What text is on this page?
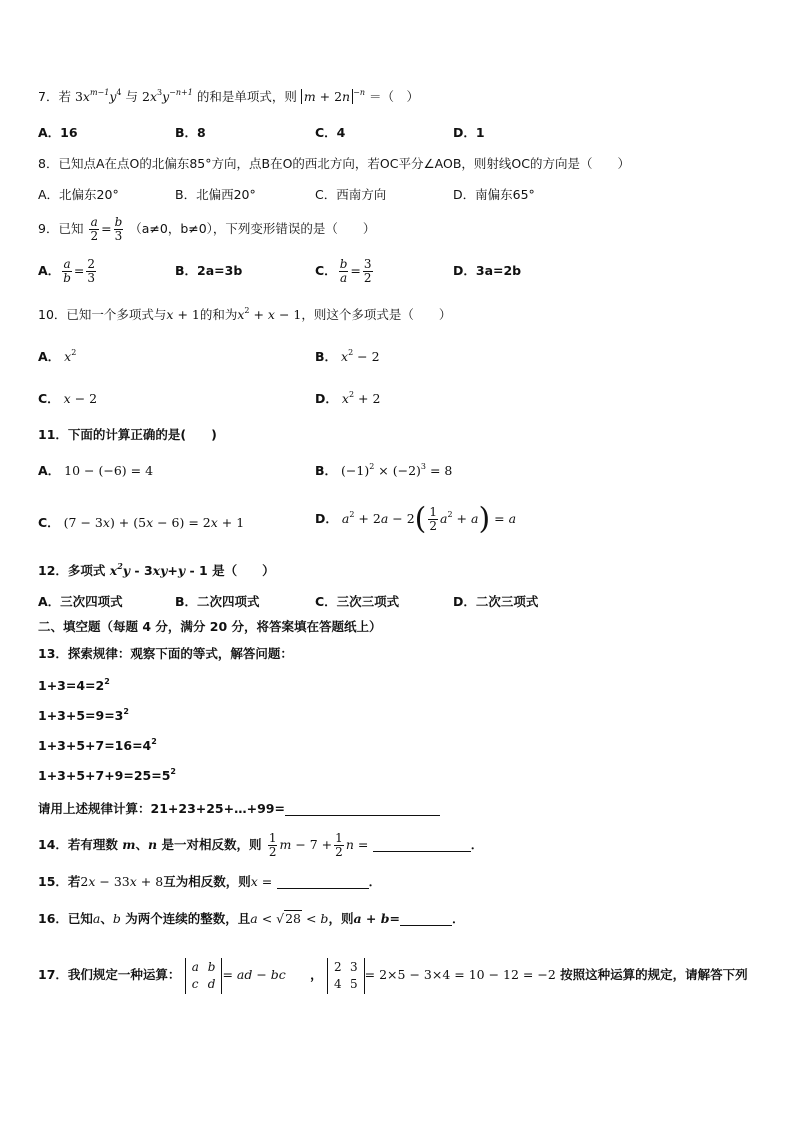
7．若 $3x^{m-1}y^4$ 与 $2x^3y^{-n+1}$ 的和是单项式，则 m + 2n $^{-n}$ ＝（　）
A．16	B．8	C．4	D．1
8．已知点A在点O的北偏东85°方向，点B在O的西北方向，若OC平分∠AOB，则射线OC的方向是（　　）
A．北偏东20°	B．北偏西20°	C．西南方向	D．南偏东65°
9．已知 $\frac{a}{2} = \frac{b}{3} (a\ne 0$，b≠0），下列变形错误的是（　　）
A． $\frac{a}{b} = \frac{2}{3}$	B．2a=3b	C． $\frac{b}{a} = \frac{3}{2}$	D．3a=2b
10．已知一个多项式与x + 1的和为$x^2 + x - 1$，则这个多项式是（　　）
A． $x^2$	B． $x^2 - 2$
C． x − 2	D． $x^2 + 2$
11．下面的计算正确的是(　　)
A． 10 − (−6) = 4	B． $(-1)^2 \times (-2)^3 = 8$
C． (7 − 3x) + (5x − 6) = 2x + 1	D． $a^2 + 2a - 2( \frac{1}{2} a^2 + a) = a$
12．多项式 $x^2y - 3xy+y - 1$ 是（　　）
A．三次四项式	B．二次四项式	C．三次三项式	D．二次三项式
二、填空题（每题 4 分，满分 20 分，将答案填在答题纸上）
13．探索规律：观察下面的等式，解答问题：
$1+3=4=2^2$
$1+3+5=9=3^2$
$1+3+5+7=16=4^2$
$1+3+5+7+9=25=5^2$
请用上述规律计算：21+23+25+…+99=
14．若有理数 m、n 是一对相反数，则 $\frac{1}{2}$ $m - 7 + \frac{1}{2}$ n =	．
15．若2x − 33x + 8互为相反数，则x =	．
16．已知a、b 为两个连续的整数，且a < √28 < b，则a + b=	．
17．我们规定一种运算： a b
c d= ad − bc ， 2 3
4 5= 2×5 − 3×4 = 10 − 12 = −2 按照这种运算的规定，请解答下列
